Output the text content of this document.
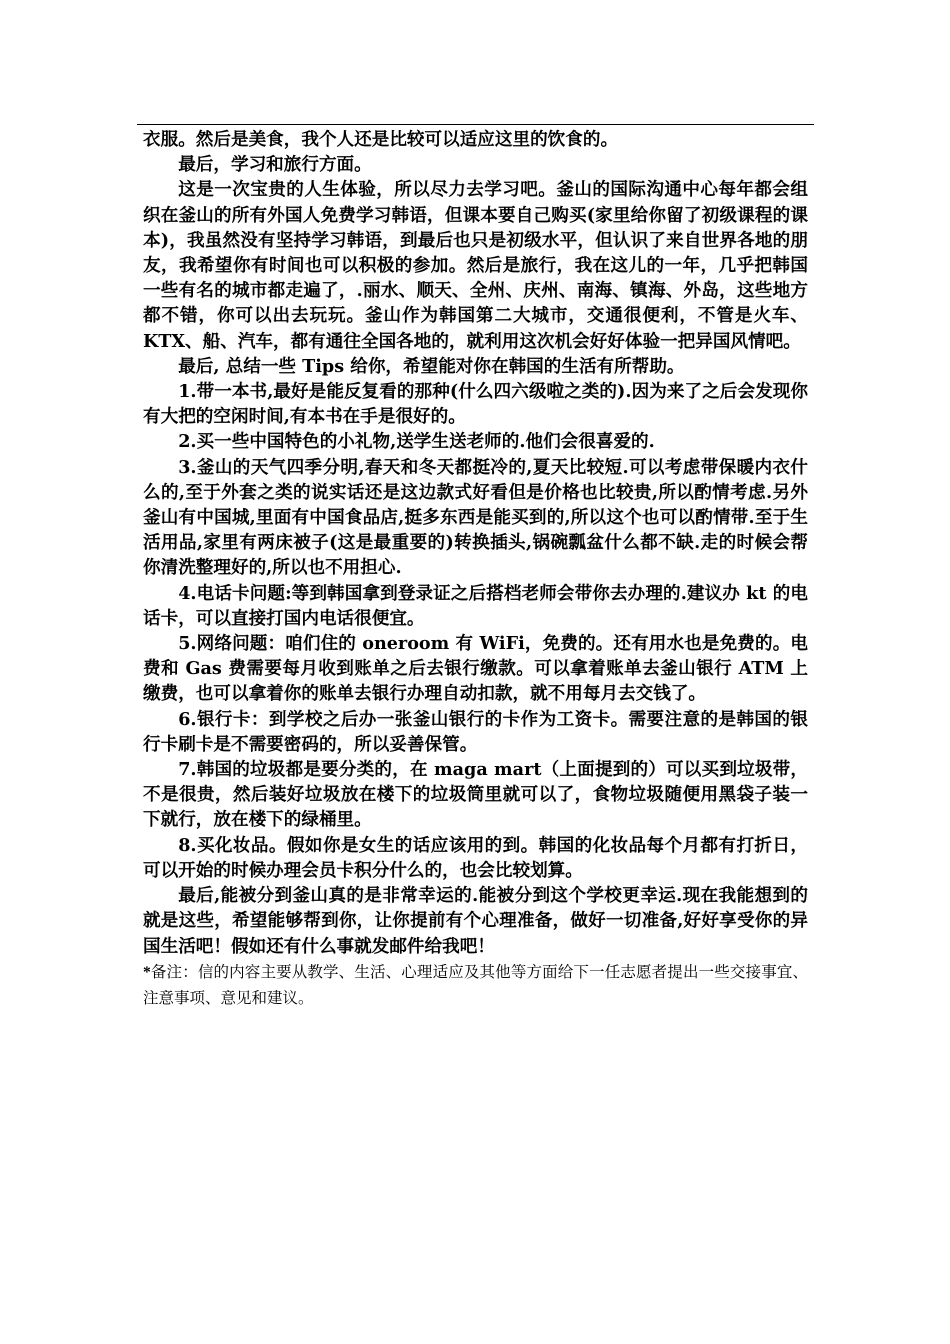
衣服。然后是美食，我个人还是比较可以适应这里的饮食的。

最后，学习和旅行方面。

这是一次宝贵的人生体验，所以尽力去学习吧。釜山的国际沟通中心每年都会组织在釜山的所有外国人免费学习韩语，但课本要自己购买(家里给你留了初级课程的课本)，我虽然没有坚持学习韩语，到最后也只是初级水平，但认识了来自世界各地的朋友，我希望你有时间也可以积极的参加。然后是旅行，我在这儿的一年，几乎把韩国一些有名的城市都走遍了，.丽水、顺天、全州、庆州、南海、镇海、外岛，这些地方都不错，你可以出去玩玩。釜山作为韩国第二大城市，交通很便利，不管是火车、KTX、船、汽车，都有通往全国各地的，就利用这次机会好好体验一把异国风情吧。

最后, 总结一些 Tips 给你，希望能对你在韩国的生活有所帮助。

1.带一本书,最好是能反复看的那种(什么四六级啦之类的).因为来了之后会发现你有大把的空闲时间,有本书在手是很好的。

2.买一些中国特色的小礼物,送学生送老师的.他们会很喜爱的.

3.釜山的天气四季分明,春天和冬天都挺冷的,夏天比较短.可以考虑带保暖内衣什么的,至于外套之类的说实话还是这边款式好看但是价格也比较贵,所以酌情考虑.另外釜山有中国城,里面有中国食品店,挺多东西是能买到的,所以这个也可以酌情带.至于生活用品,家里有两床被子(这是最重要的)转换插头,锅碗瓢盆什么都不缺.走的时候会帮你清洗整理好的,所以也不用担心.

4.电话卡问题:等到韩国拿到登录证之后搭档老师会带你去办理的.建议办 kt 的电话卡，可以直接打国内电话很便宜。

5.网络问题：咱们住的 oneroom 有 WiFi，免费的。还有用水也是免费的。电费和 Gas 费需要每月收到账单之后去银行缴款。可以拿着账单去釜山银行 ATM 上缴费，也可以拿着你的账单去银行办理自动扣款，就不用每月去交钱了。

6.银行卡：到学校之后办一张釜山银行的卡作为工资卡。需要注意的是韩国的银行卡刷卡是不需要密码的，所以妥善保管。

7.韩国的垃圾都是要分类的，在 maga mart（上面提到的）可以买到垃圾带，不是很贵，然后装好垃圾放在楼下的垃圾筒里就可以了，食物垃圾随便用黑袋子装一下就行，放在楼下的绿桶里。

8.买化妆品。假如你是女生的话应该用的到。韩国的化妆品每个月都有打折日，可以开始的时候办理会员卡积分什么的，也会比较划算。

最后,能被分到釜山真的是非常幸运的.能被分到这个学校更幸运.现在我能想到的就是这些，希望能够帮到你，让你提前有个心理准备，做好一切准备,好好享受你的异国生活吧！假如还有什么事就发邮件给我吧！

*备注：信的内容主要从教学、生活、心理适应及其他等方面给下一任志愿者提出一些交接事宜、注意事项、意见和建议。
